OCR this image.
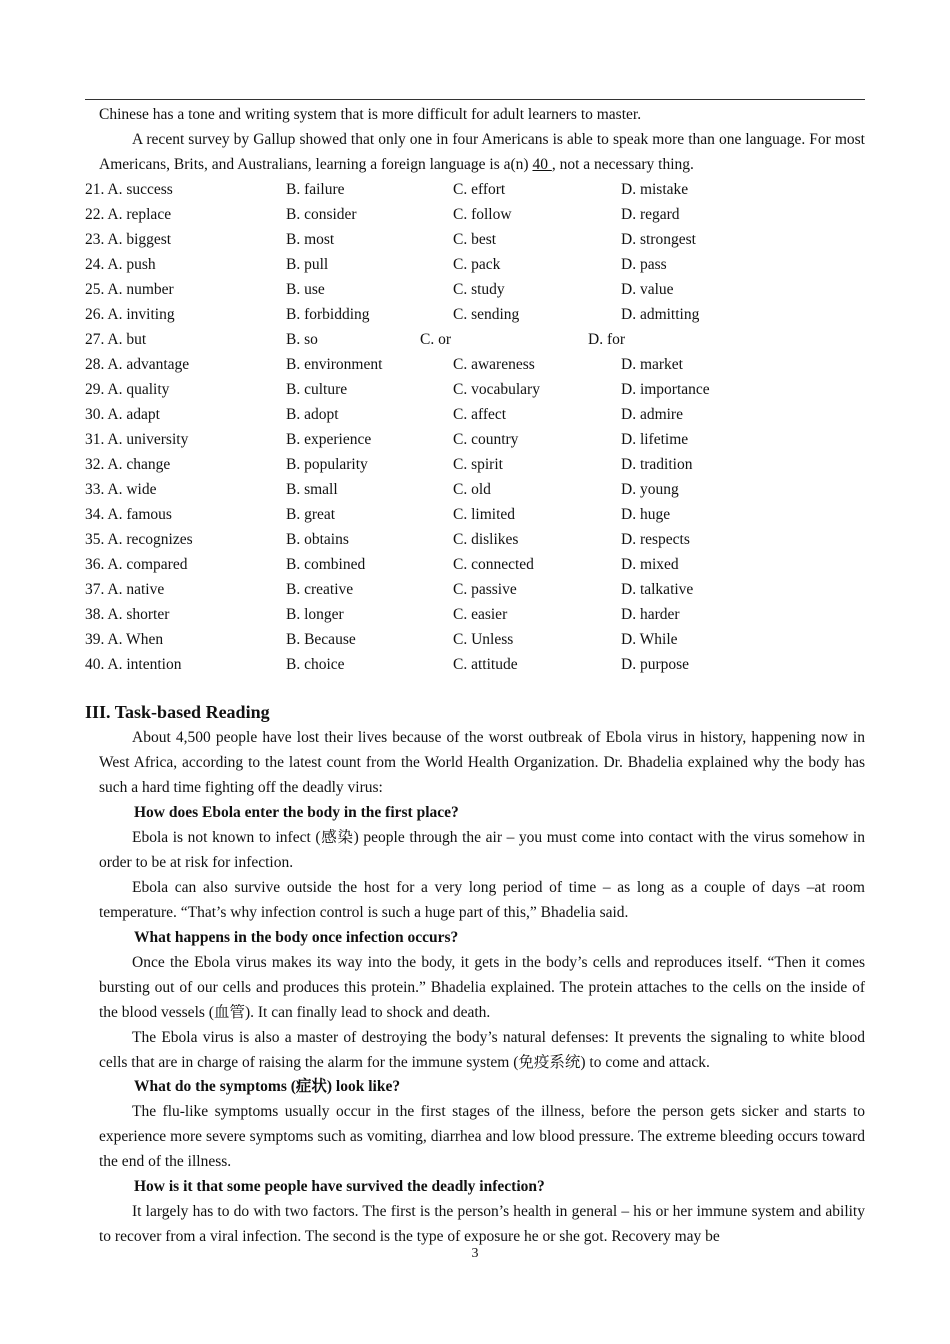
Chinese has a tone and writing system that is more difficult for adult learners to master.

A recent survey by Gallup showed that only one in four Americans is able to speak more than one language. For most Americans, Brits, and Australians, learning a foreign language is a(n) 40 , not a necessary thing.

21. A. success	B. failure	C. effort	D. mistake
22. A. replace	B. consider	C. follow	D. regard
23. A. biggest	B. most	C. best	D. strongest
24. A. push	B. pull	C. pack	D. pass
25. A. number	B. use	C. study	D. value
26. A. inviting	B. forbidding	C. sending	D. admitting
27. A. but	B. so	C. or	D. for
28. A. advantage	B. environment	C. awareness	D. market
29. A. quality	B. culture	C. vocabulary	D. importance
30. A. adapt	B. adopt	C. affect	D. admire
31. A. university	B. experience	C. country	D. lifetime
32. A. change	B. popularity	C. spirit	D. tradition
33. A. wide	B. small	C. old	D. young
34. A. famous	B. great	C. limited	D. huge
35. A. recognizes	B. obtains	C. dislikes	D. respects
36. A. compared	B. combined	C. connected	D. mixed
37. A. native	B. creative	C. passive	D. talkative
38. A. shorter	B. longer	C. easier	D. harder
39. A. When	B. Because	C. Unless	D. While
40. A. intention	B. choice	C. attitude	D. purpose
III. Task-based Reading

About 4,500 people have lost their lives because of the worst outbreak of Ebola virus in history, happening now in West Africa, according to the latest count from the World Health Organization. Dr. Bhadelia explained why the body has such a hard time fighting off the deadly virus:

How does Ebola enter the body in the first place?

Ebola is not known to infect (感染) people through the air – you must come into contact with the virus somehow in order to be at risk for infection.

Ebola can also survive outside the host for a very long period of time – as long as a couple of days –at room temperature. “That’s why infection control is such a huge part of this,” Bhadelia said.

What happens in the body once infection occurs?

Once the Ebola virus makes its way into the body, it gets in the body’s cells and reproduces itself. “Then it comes bursting out of our cells and produces this protein.” Bhadelia explained. The protein attaches to the cells on the inside of the blood vessels (血管). It can finally lead to shock and death.

The Ebola virus is also a master of destroying the body’s natural defenses: It prevents the signaling to white blood cells that are in charge of raising the alarm for the immune system (免疫系统) to come and attack.

What do the symptoms (症状) look like?

The flu-like symptoms usually occur in the first stages of the illness, before the person gets sicker and starts to experience more severe symptoms such as vomiting, diarrhea and low blood pressure. The extreme bleeding occurs toward the end of the illness.

How is it that some people have survived the deadly infection?

It largely has to do with two factors. The first is the person’s health in general – his or her immune system and ability to recover from a viral infection. The second is the type of exposure he or she got. Recovery may be

3
